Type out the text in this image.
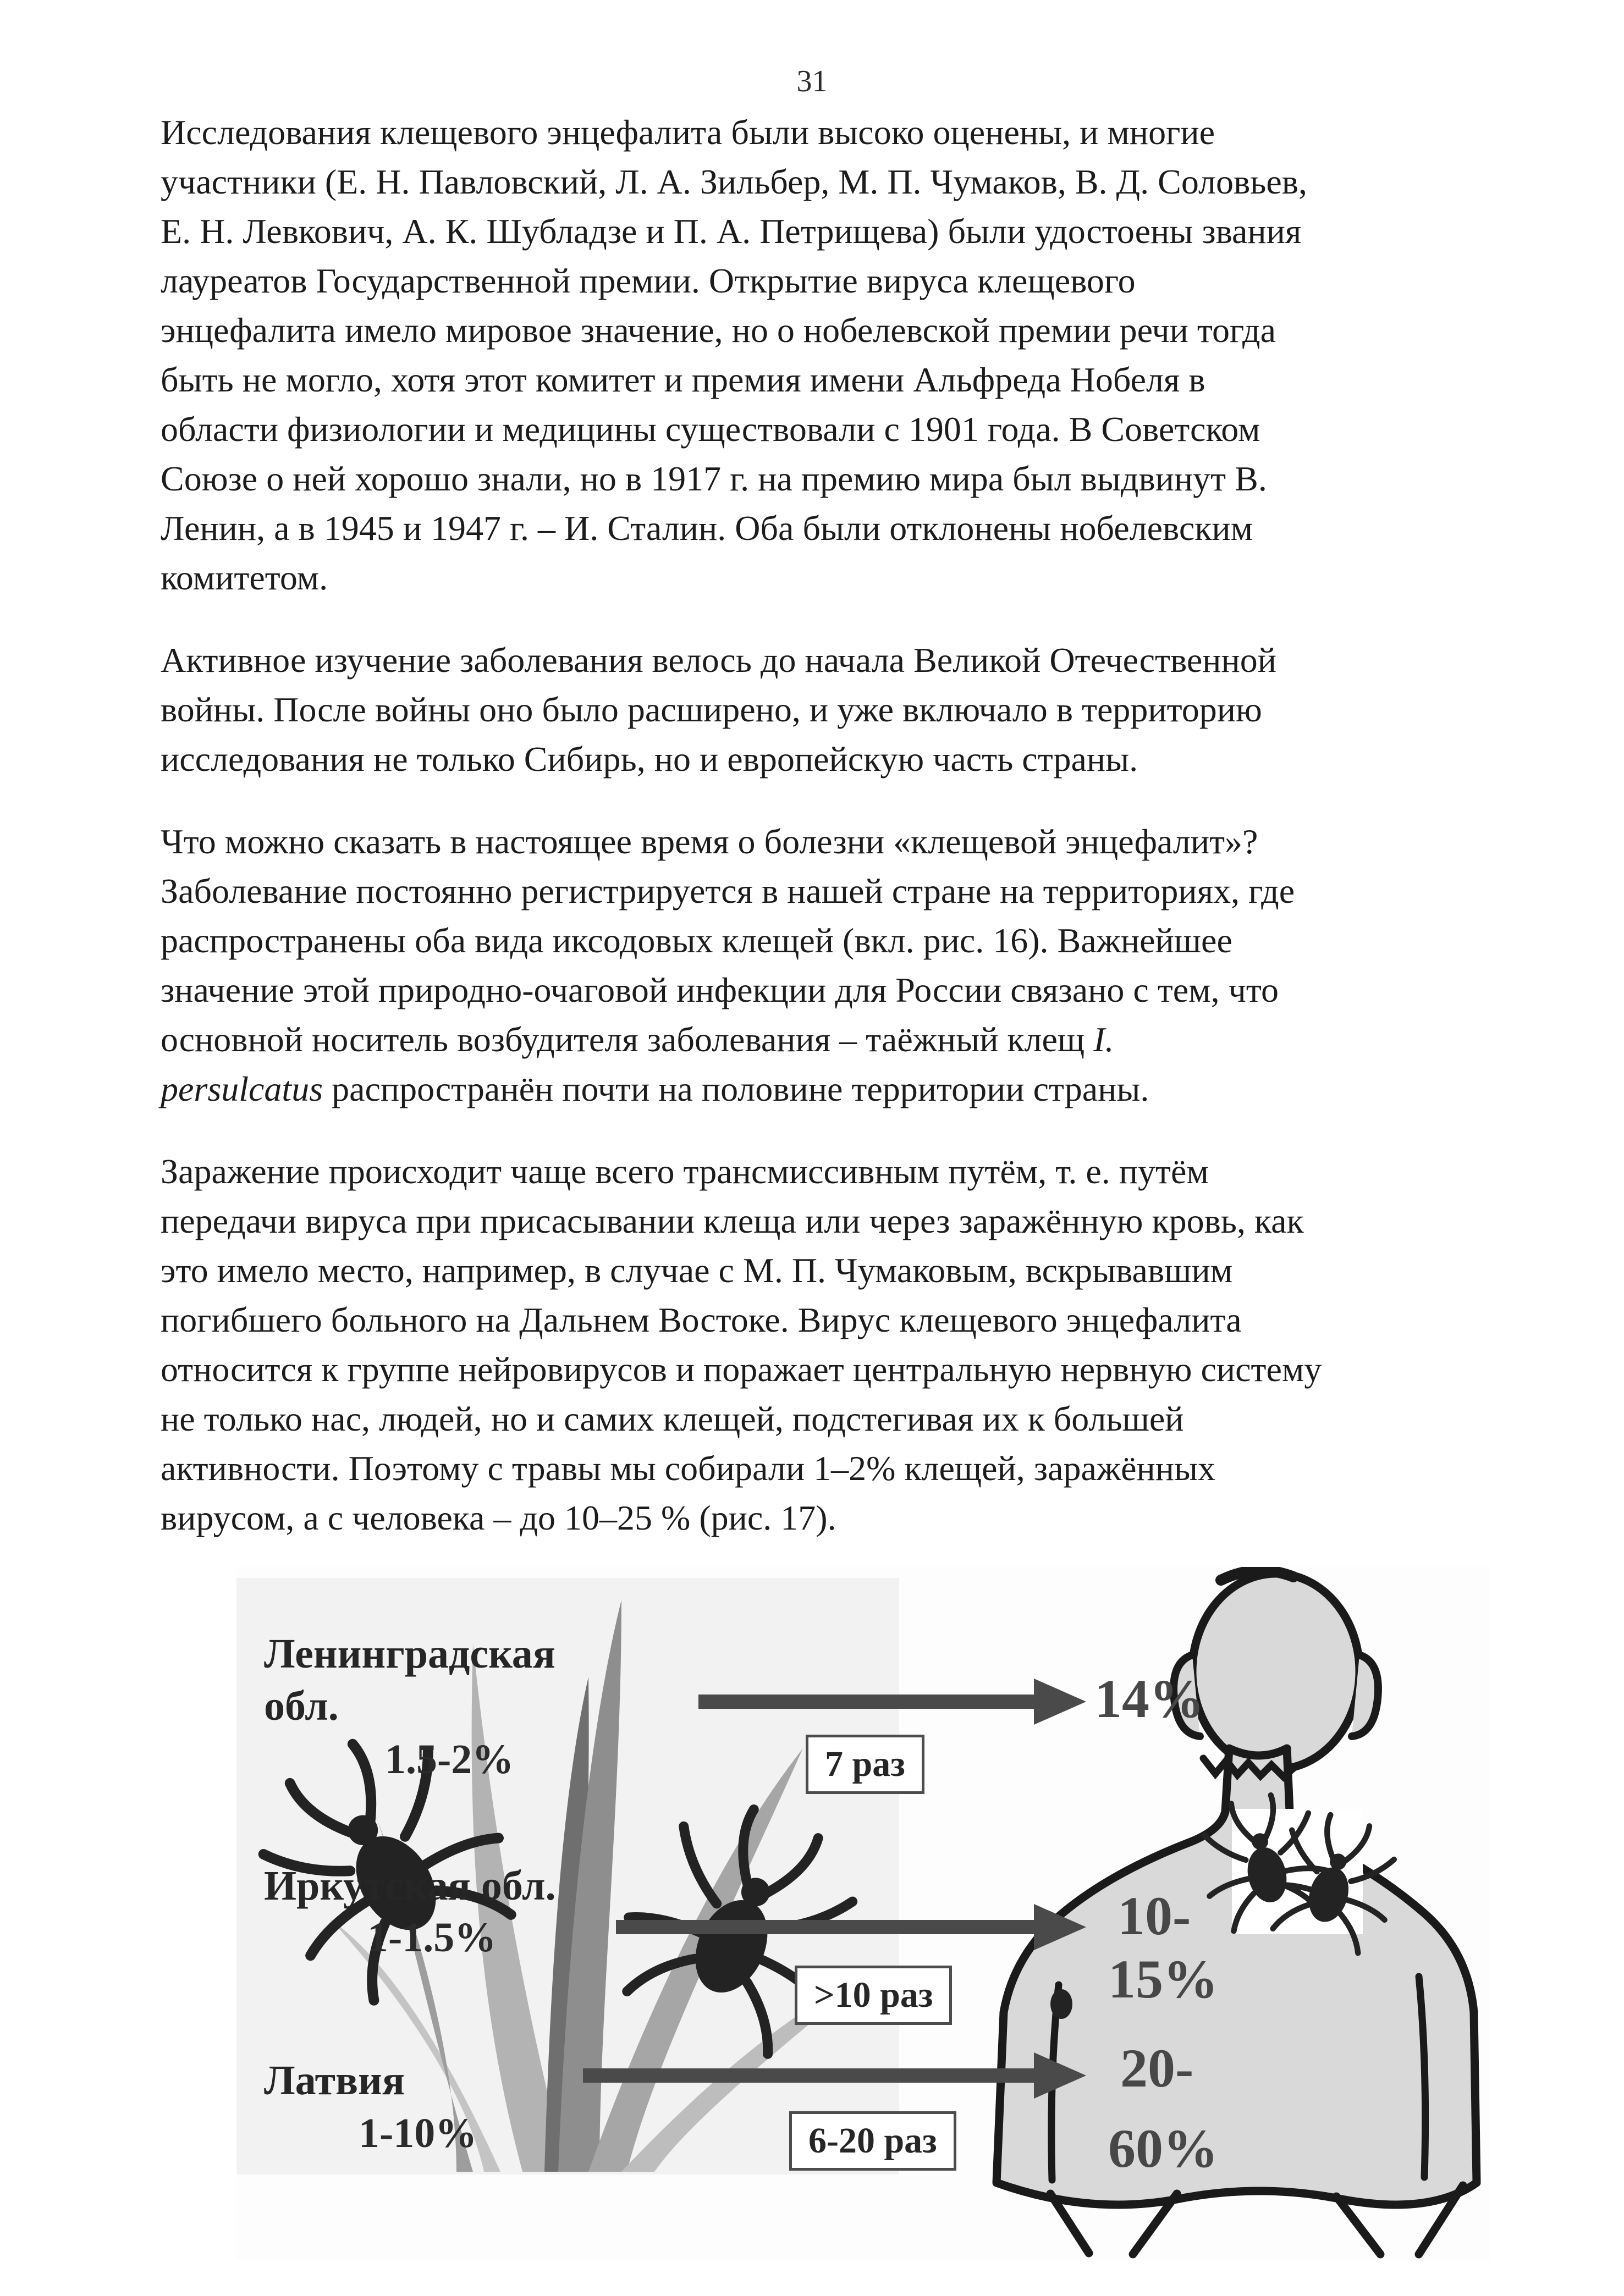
31
Исследования клещевого энцефалита были высоко оценены, и многие
участники (Е. Н. Павловский, Л. А. Зильбер, М. П. Чумаков, В. Д. Соловьев,
Е. Н. Левкович, А. К. Шубладзе и П. А. Петрищева) были удостоены звания
лауреатов Государственной премии. Открытие вируса клещевого
энцефалита имело мировое значение, но о нобелевской премии речи тогда
быть не могло, хотя этот комитет и премия имени Альфреда Нобеля в
области физиологии и медицины существовали с 1901 года. В Советском
Союзе о ней хорошо знали, но в 1917 г. на премию мира был выдвинут В.
Ленин, а в 1945 и 1947 г. – И. Сталин. Оба были отклонены нобелевским
комитетом.
Активное изучение заболевания велось до начала Великой Отечественной
войны. После войны оно было расширено, и уже включало в территорию
исследования не только Сибирь, но и европейскую часть страны.
Что можно сказать в настоящее время о болезни «клещевой энцефалит»?
Заболевание постоянно регистрируется в нашей стране на территориях, где
распространены оба вида иксодовых клещей (вкл. рис. 16). Важнейшее
значение этой природно-очаговой инфекции для России связано с тем, что
основной носитель возбудителя заболевания – таёжный клещ I.
persulcatus распространён почти на половине территории страны.
Заражение происходит чаще всего трансмиссивным путём, т. е. путём
передачи вируса при присасывании клеща или через заражённую кровь, как
это имело место, например, в случае с М. П. Чумаковым, вскрывавшим
погибшего больного на Дальнем Востоке. Вирус клещевого энцефалита
относится к группе нейровирусов и поражает центральную нервную систему
не только нас, людей, но и самих клещей, подстегивая их к большей
активности. Поэтому с травы мы собирали 1–2% клещей, заражённых
вирусом, а с человека – до 10–25 % (рис. 17).
Ленинградская
обл.
1.5-2%
Иркутская обл.
1-1.5%
Латвия
1-10%
7 раз
>10 раз
6-20 раз
14%
10-
15%
20-
60%
